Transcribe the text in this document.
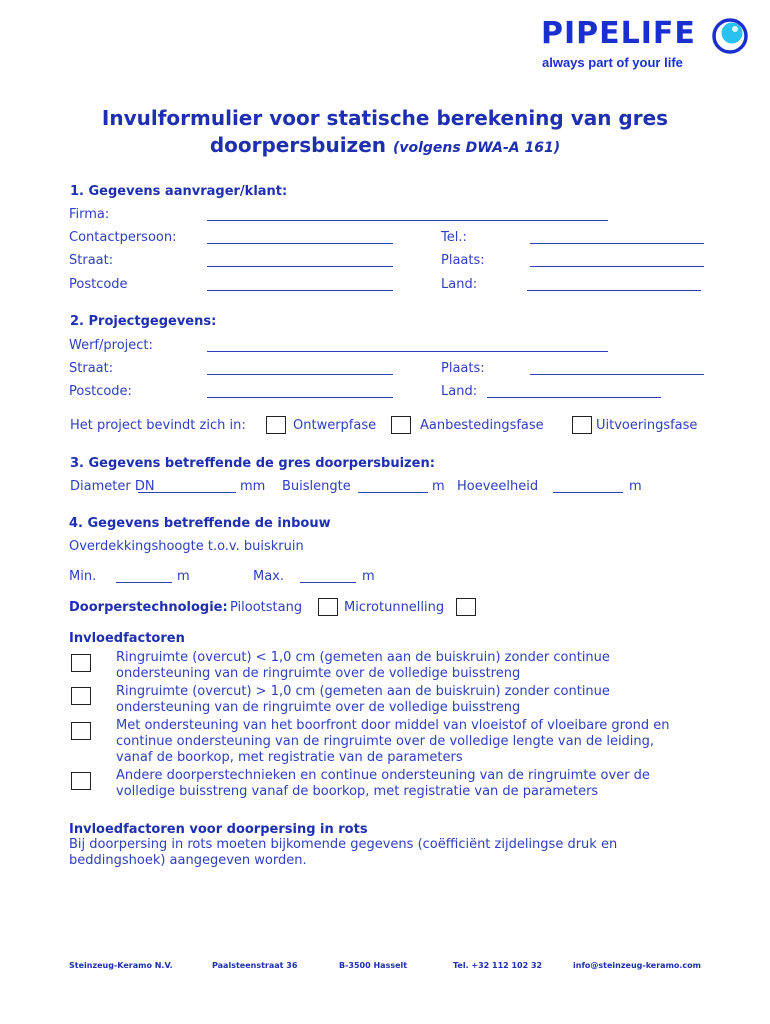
PIPELIFE
always part of your life
Invulformulier voor statische berekening van gres
doorpersbuizen (volgens DWA-A 161)
1. Gegevens aanvrager/klant:
Firma:
Contactpersoon:	Tel.:
Straat:	Plaats:
Postcode	Land:
2. Projectgegevens:
Werf/project:
Straat:	Plaats:
Postcode:	Land:
Het project bevindt zich in:	Ontwerpfase	Aanbestedingsfase	Uitvoeringsfase
3. Gegevens betreffende de gres doorpersbuizen:
Diameter DN	mm Buislengte	m Hoeveelheid	m
4. Gegevens betreffende de inbouw
Overdekkingshoogte t.o.v. buiskruin
Min.	m	Max.	m
Doorperstechnologie: Pilootstang	Microtunnelling
Invloedfactoren
Ringruimte (overcut) < 1,0 cm (gemeten aan de buiskruin) zonder continue
ondersteuning van de ringruimte over de volledige buisstreng
Ringruimte (overcut) > 1,0 cm (gemeten aan de buiskruin) zonder continue
ondersteuning van de ringruimte over de volledige buisstreng
Met ondersteuning van het boorfront door middel van vloeistof of vloeibare grond en
continue ondersteuning van de ringruimte over de volledige lengte van de leiding,
vanaf de boorkop, met registratie van de parameters
Andere doorperstechnieken en continue ondersteuning van de ringruimte over de
volledige buisstreng vanaf de boorkop, met registratie van de parameters
Invloedfactoren voor doorpersing in rots
Bij doorpersing in rots moeten bijkomende gegevens (coëfficiënt zijdelingse druk en
beddingshoek) aangegeven worden.
Steinzeug-Keramo N.V.	Paalsteenstraat 36	B-3500 Hasselt	Tel. +32 112 102 32	info@steinzeug-keramo.com
